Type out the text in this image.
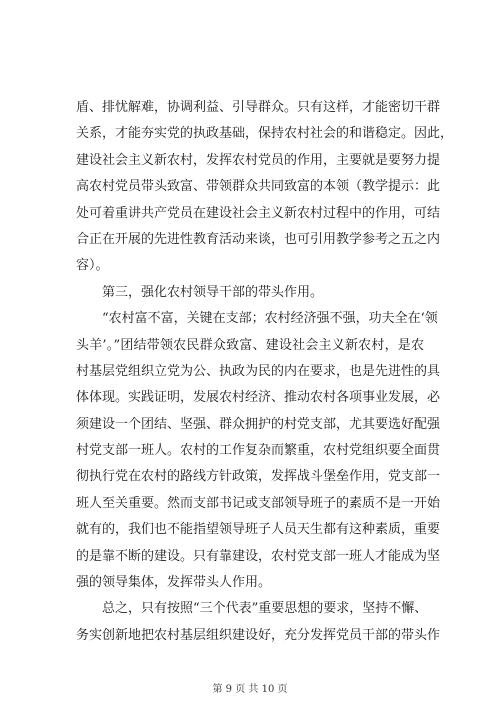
盾、排忧解难，协调利益、引导群众。只有这样，才能密切干群
关系，才能夯实党的执政基础，保持农村社会的和谐稳定。因此，
建设社会主义新农村，发挥农村党员的作用，主要就是要努力提
高农村党员带头致富、带领群众共同致富的本领（教学提示：此
处可着重讲共产党员在建设社会主义新农村过程中的作用，可结
合正在开展的先进性教育活动来谈，也可引用教学参考之五之内
容）。
第三，强化农村领导干部的带头作用。
“农村富不富，关键在支部；农村经济强不强，功夫全在‘领
头羊’。”团结带领农民群众致富、建设社会主义新农村，是农
村基层党组织立党为公、执政为民的内在要求，也是先进性的具
体体现。实践证明，发展农村经济、推动农村各项事业发展，必
须建设一个团结、坚强、群众拥护的村党支部，尤其要选好配强
村党支部一班人。农村的工作复杂而繁重，农村党组织要全面贯
彻执行党在农村的路线方针政策，发挥战斗堡垒作用，党支部一
班人至关重要。然而支部书记或支部领导班子的素质不是一开始
就有的，我们也不能指望领导班子人员天生都有这种素质，重要
的是靠不断的建设。只有靠建设，农村党支部一班人才能成为坚
强的领导集体，发挥带头人作用。
总之，只有按照“三个代表”重要思想的要求，坚持不懈、
务实创新地把农村基层组织建设好，充分发挥党员干部的带头作
第 9 页 共 10 页
